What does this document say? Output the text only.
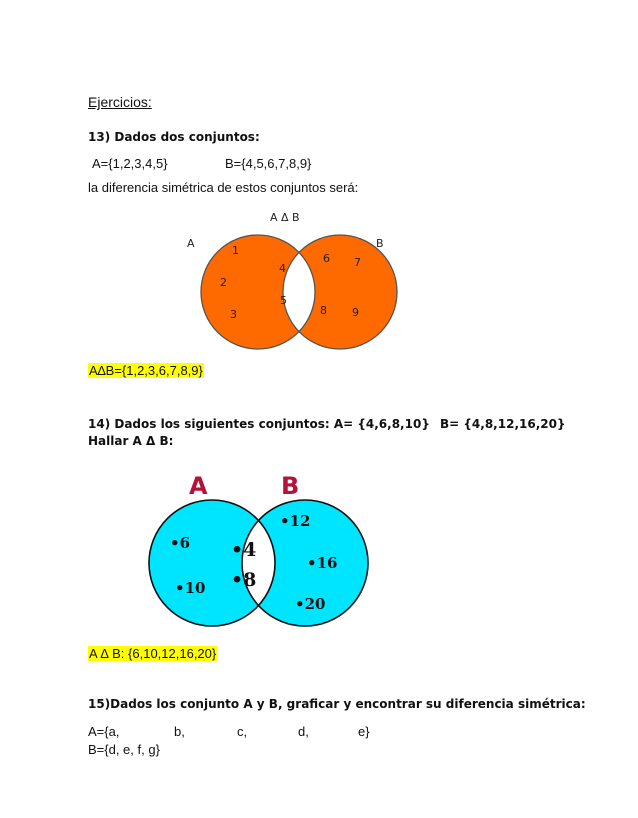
Ejercicios:
13) Dados dos conjuntos:
A={1,2,3,4,5}	B={4,5,6,7,8,9}
la diferencia simétrica de estos conjuntos será:
A Δ B
A	B
1
2
3
4
5
6 7
8 9
A∆B={1,2,3,6,7,8,9}
14) Dados los siguientes conjuntos: A= {4,6,8,10} B= {4,8,12,16,20}
Hallar A Δ B:
A	B
•6
•10
•4
•8
•12
•16
•20
A ∆ B: {6,10,12,16,20}
15)Dados los conjunto A y B, graficar y encontrar su diferencia simétrica:
A={a,	b,	c,	d,	e}
B={d, e, f, g}
